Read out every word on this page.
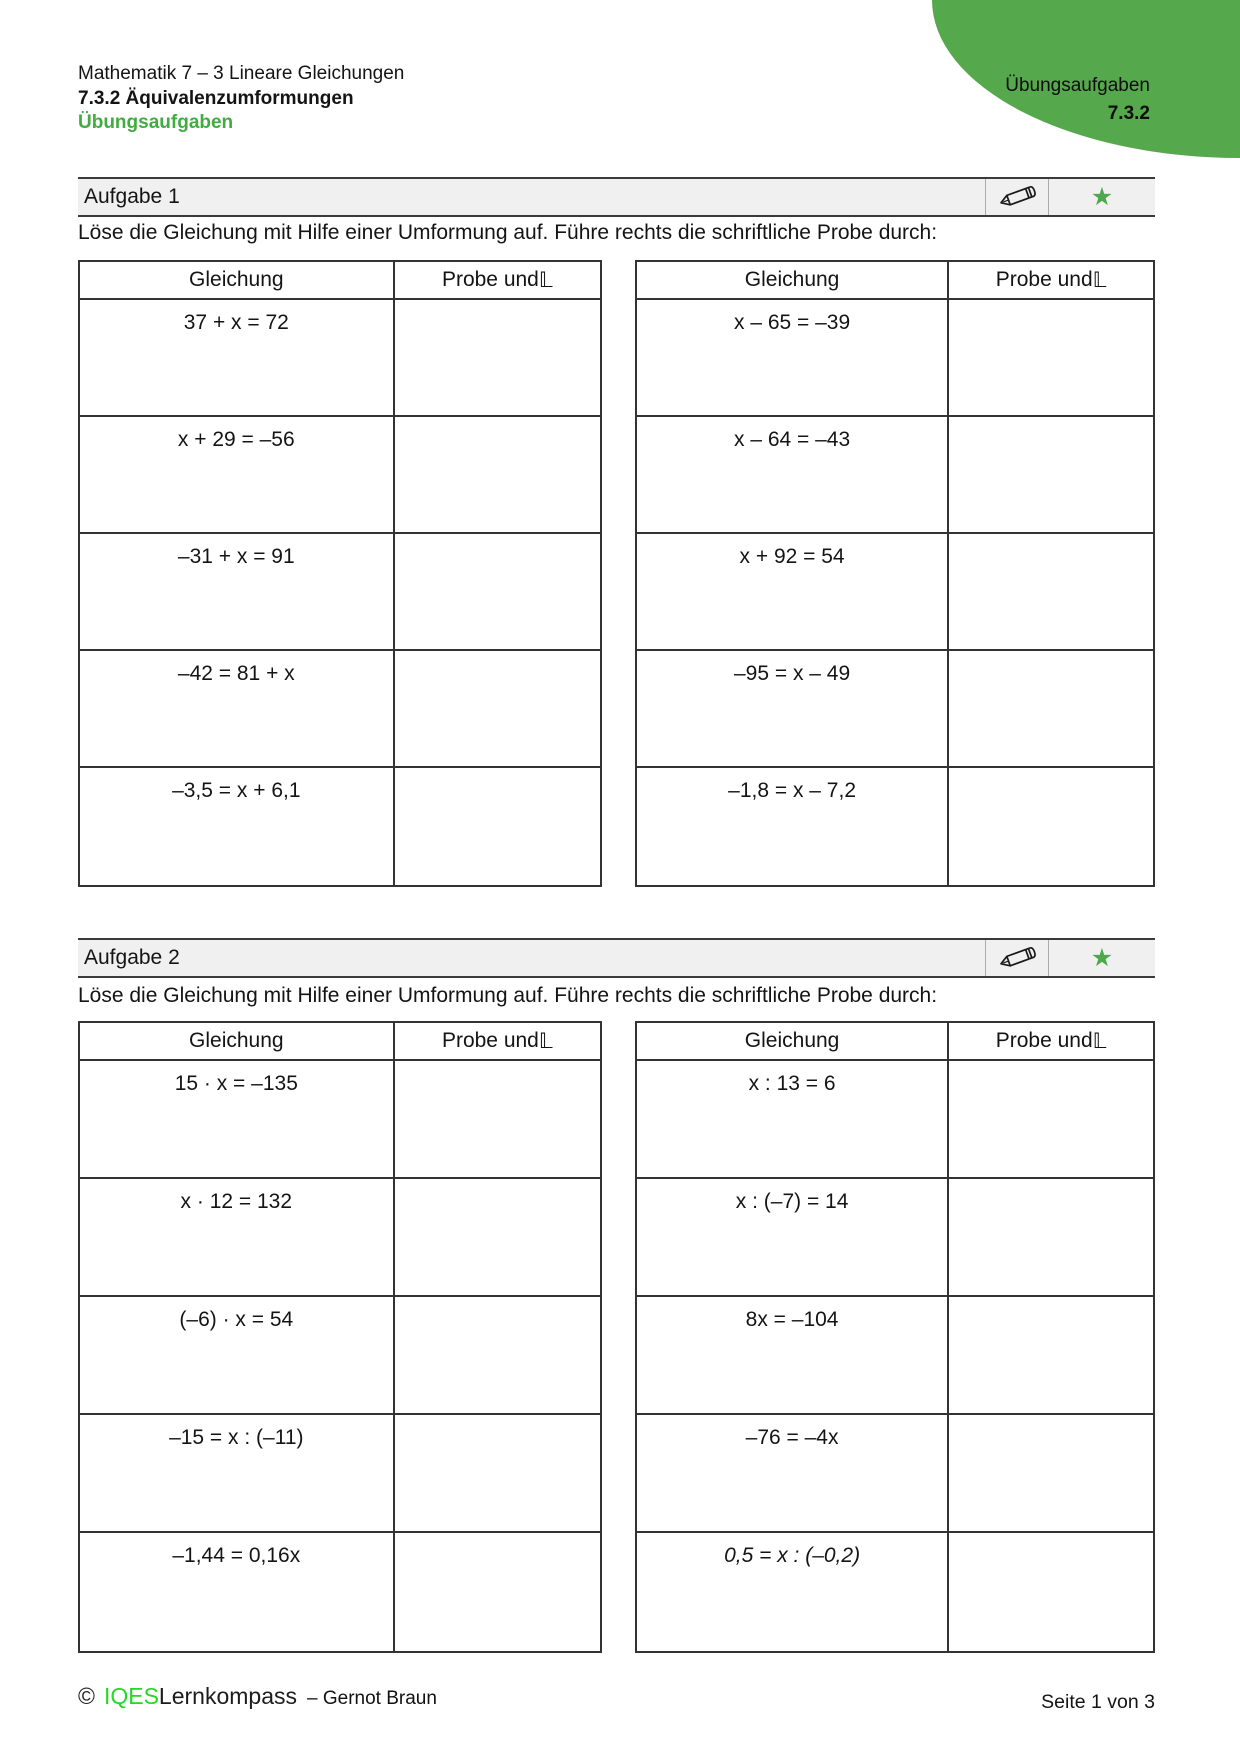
Übungsaufgaben
7.3.2
Mathematik 7 – 3 Lineare Gleichungen
7.3.2 Äquivalenzumformungen
Übungsaufgaben
Aufgabe 1	★
Löse die Gleichung mit Hilfe einer Umformung auf. Führe rechts die schriftliche Probe durch:
Gleichung	Probe und 𝕃
37 + x = 72
x + 29 = –56
–31 + x = 91
–42 = 81 + x
–3,5 = x + 6,1
Gleichung	Probe und 𝕃
x – 65 = –39
x – 64 = –43
x + 92 = 54
–95 = x – 49
–1,8 = x – 7,2
Aufgabe 2	★
Löse die Gleichung mit Hilfe einer Umformung auf. Führe rechts die schriftliche Probe durch:
Gleichung	Probe und 𝕃
15 · x = –135
x · 12 = 132
(–6) · x = 54
–15 = x : (–11)
–1,44 = 0,16x
Gleichung	Probe und 𝕃
x : 13 = 6
x : (–7) = 14
8x = –104
–76 = –4x
0,5 = x : (–0,2)
© IQESLernkompass – Gernot Braun	Seite 1 von 3
